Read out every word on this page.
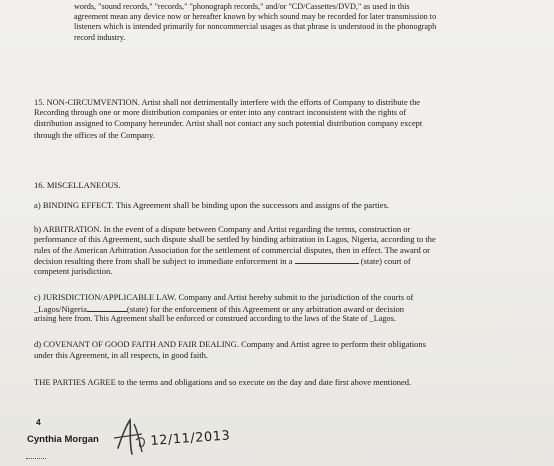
words, "sound records," "records," "phonograph records," and/or "CD/Cassettes/DVD," as used in this
agreement mean any device now or hereafter known by which sound may be recorded for later transmission to
listeners which is intended primarily for noncommercial usages as that phrase is understood in the phonograph
record industry.
15. NON-CIRCUMVENTION. Artist shall not detrimentally interfere with the efforts of Company to distribute the
Recording through one or more distribution companies or enter into any contract inconsistent with the rights of
distribution assigned to Company hereunder. Artist shall not contact any such potential distribution company except
through the offices of the Company.
16. MISCELLANEOUS.
a) BINDING EFFECT. This Agreement shall be binding upon the successors and assigns of the parties.
b) ARBITRATION. In the event of a dispute between Company and Artist regarding the terms, construction or
performance of this Agreement, such dispute shall be settled by binding arbitration in Lagos, Nigeria, according to the
rules of the American Arbitration Association for the settlement of commercial disputes, then in effect. The award or
decision resulting there from shall be subject to immediate enforcement in a	(state) court of
competent jurisdiction.
c) JURISDICTION/APPLICABLE LAW. Company and Artist hereby submit to the jurisdiction of the courts of
_Lagos/Nigeria	(state) for the enforcement of this Agreement or any arbitration award or decision
arising here from. This Agreement shall be enforced or construed according to the laws of the State of _Lagos.
d) COVENANT OF GOOD FAITH AND FAIR DEALING. Company and Artist agree to perform their obligations
under this Agreement, in all respects, in good faith.
THE PARTIES AGREE to the terms and obligations and so execute on the day and date first above mentioned.
4
Cynthia Morgan	12/11/2013
